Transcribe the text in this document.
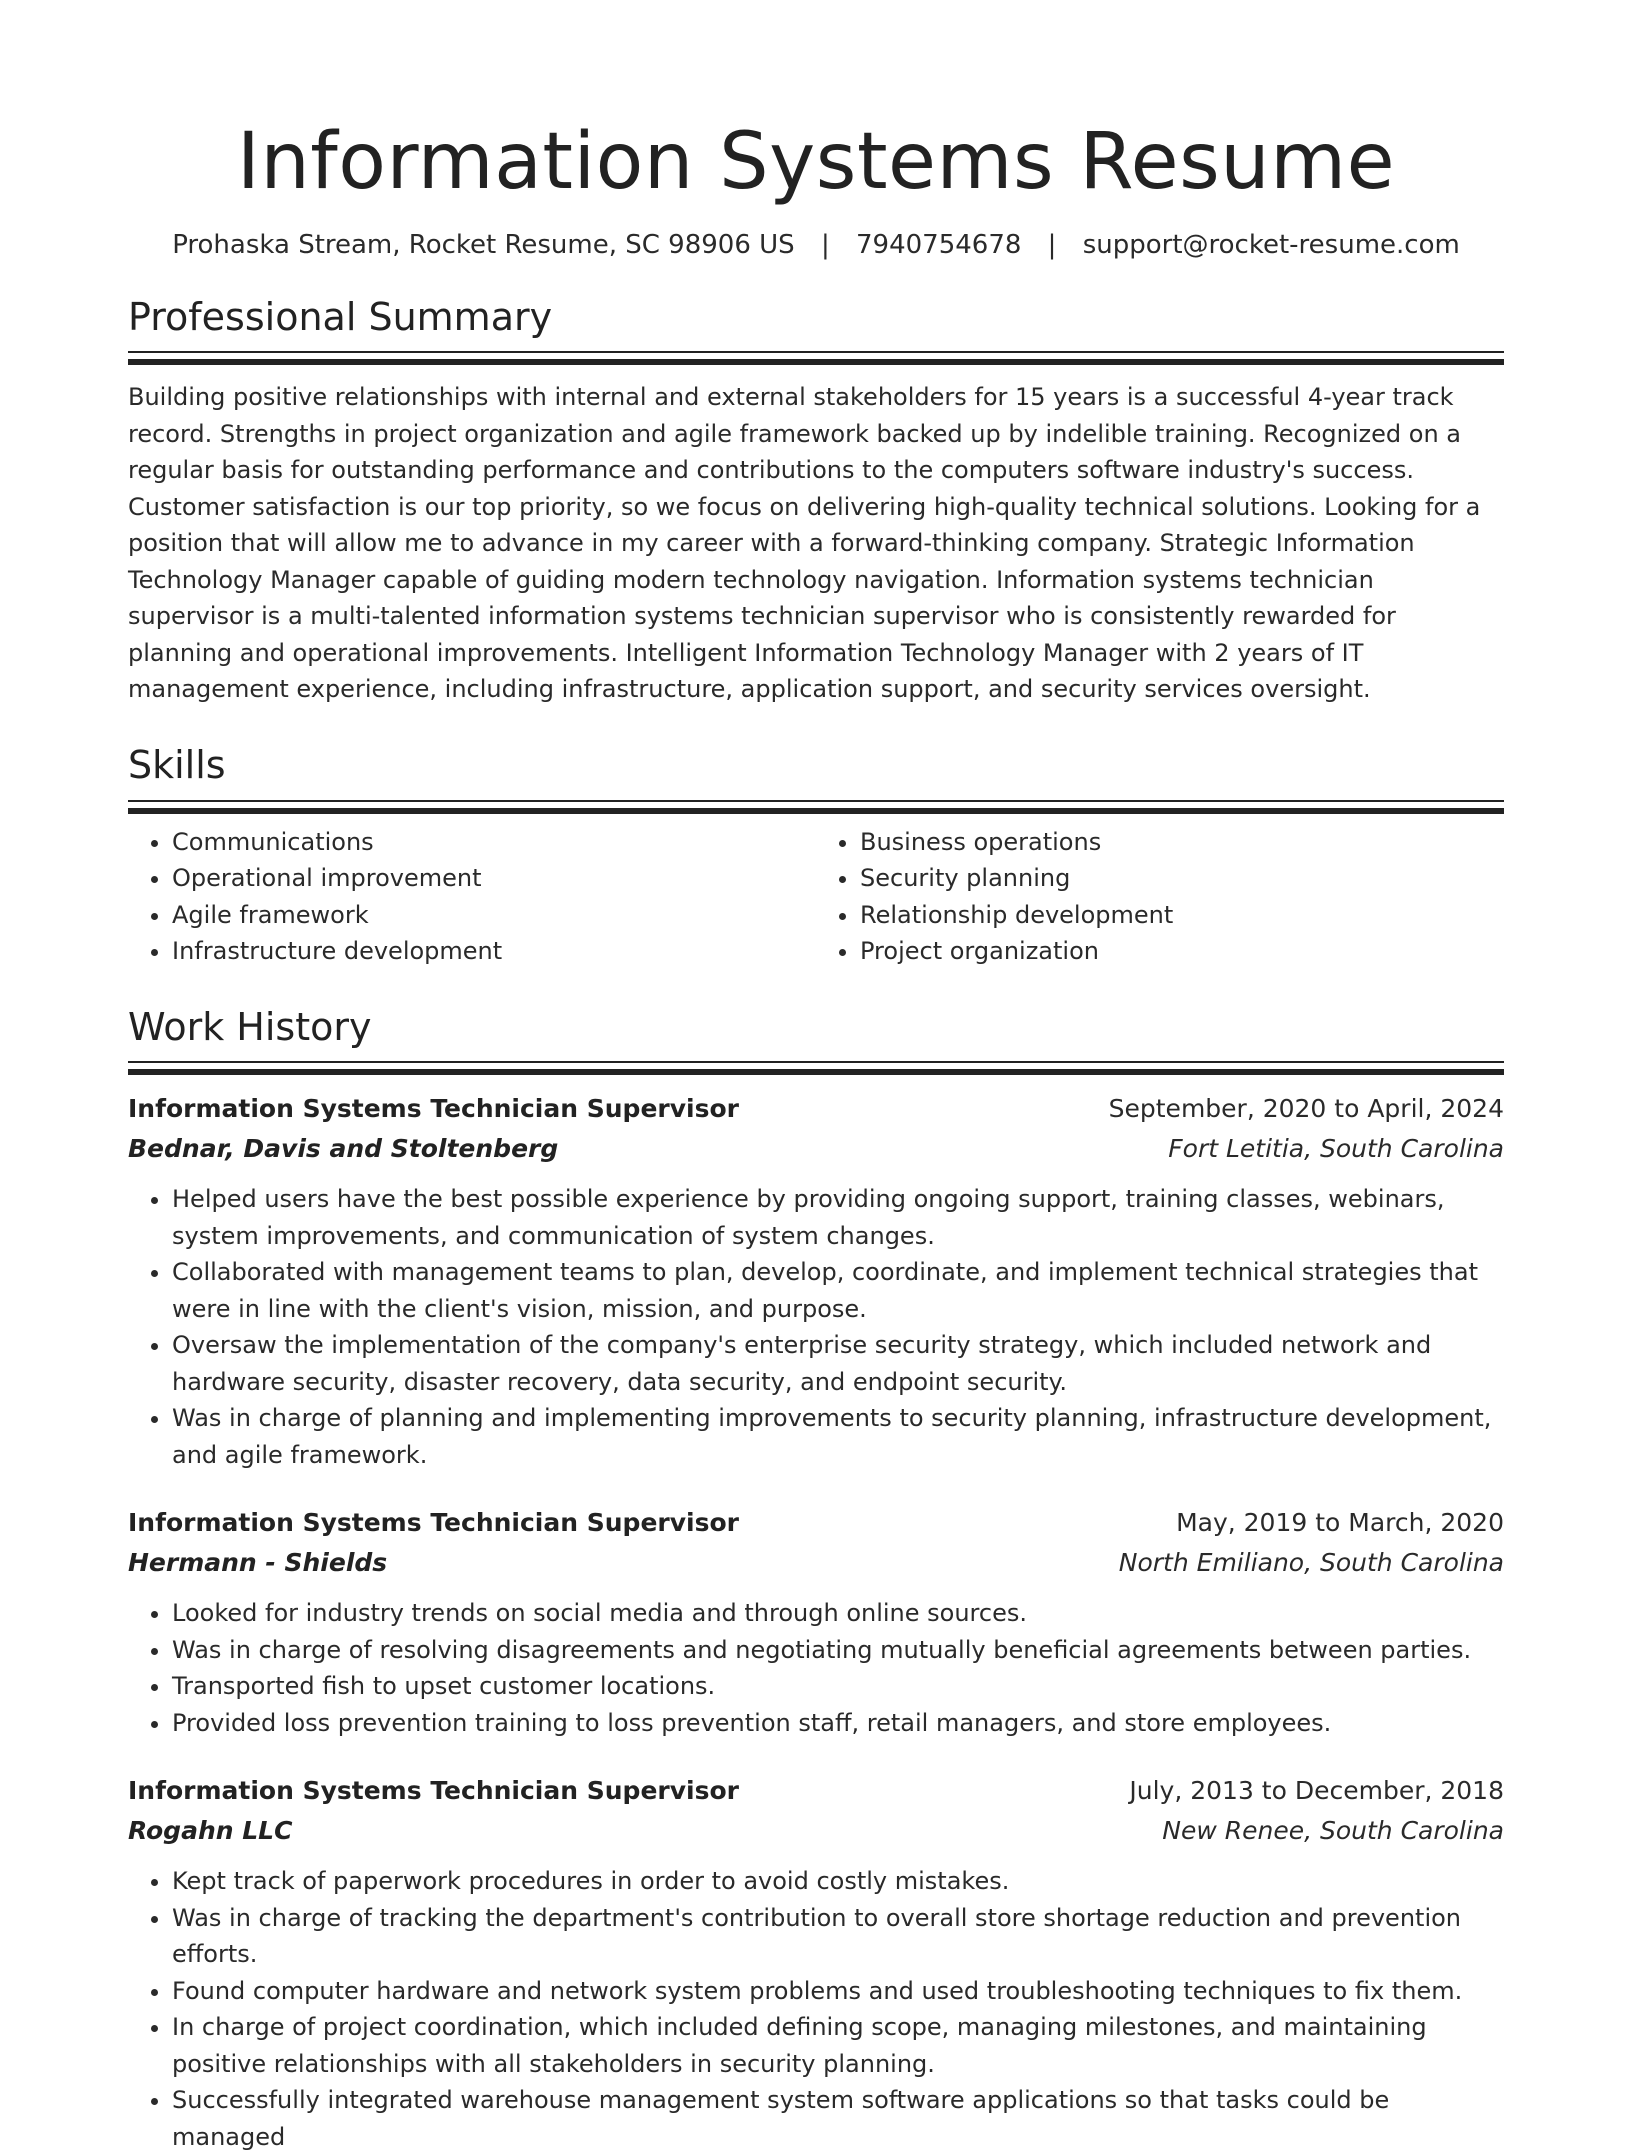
Information Systems Resume
Prohaska Stream, Rocket Resume, SC 98906 US | 7940754678 | support@rocket-resume.com
Professional Summary

Building positive relationships with internal and external stakeholders for 15 years is a successful 4-year track record. Strengths in project organization and agile framework backed up by indelible training. Recognized on a regular basis for outstanding performance and contributions to the computers software industry's success. Customer satisfaction is our top priority, so we focus on delivering high-quality technical solutions. Looking for a position that will allow me to advance in my career with a forward-thinking company. Strategic Information Technology Manager capable of guiding modern technology navigation. Information systems technician supervisor is a multi-talented information systems technician supervisor who is consistently rewarded for planning and operational improvements. Intelligent Information Technology Manager with 2 years of IT management experience, including infrastructure, application support, and security services oversight.

Skills
• Communications
• Operational improvement
• Agile framework
• Infrastructure development
• Business operations
• Security planning
• Relationship development
• Project organization
Work History
Information Systems Technician Supervisor	September, 2020 to April, 2024
Bednar, Davis and Stoltenberg	Fort Letitia, South Carolina
• Helped users have the best possible experience by providing ongoing support, training classes, webinars, system improvements, and communication of system changes.
• Collaborated with management teams to plan, develop, coordinate, and implement technical strategies that were in line with the client's vision, mission, and purpose.
• Oversaw the implementation of the company's enterprise security strategy, which included network and hardware security, disaster recovery, data security, and endpoint security.
• Was in charge of planning and implementing improvements to security planning, infrastructure development, and agile framework.
Information Systems Technician Supervisor	May, 2019 to March, 2020
Hermann - Shields	North Emiliano, South Carolina
• Looked for industry trends on social media and through online sources.
• Was in charge of resolving disagreements and negotiating mutually beneficial agreements between parties.
• Transported fish to upset customer locations.
• Provided loss prevention training to loss prevention staff, retail managers, and store employees.
Information Systems Technician Supervisor	July, 2013 to December, 2018
Rogahn LLC	New Renee, South Carolina
• Kept track of paperwork procedures in order to avoid costly mistakes.
• Was in charge of tracking the department's contribution to overall store shortage reduction and prevention efforts.
• Found computer hardware and network system problems and used troubleshooting techniques to fix them.
• In charge of project coordination, which included defining scope, managing milestones, and maintaining positive relationships with all stakeholders in security planning.
• Successfully integrated warehouse management system software applications so that tasks could be managed
